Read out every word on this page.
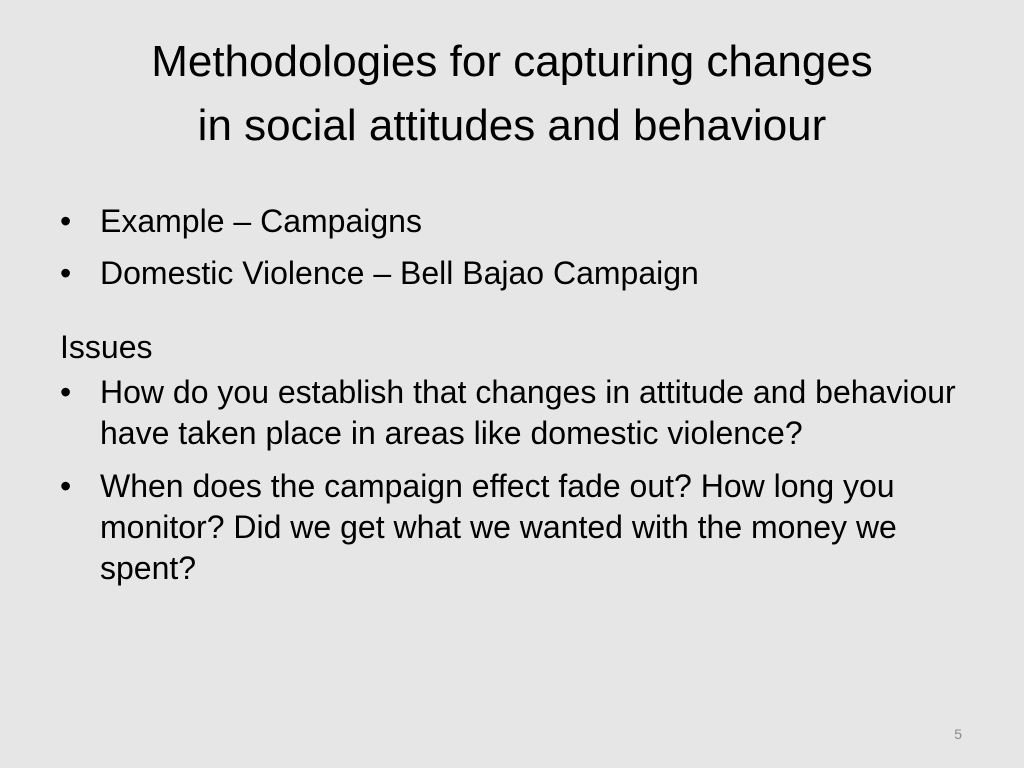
Methodologies for capturing changes
in social attitudes and behaviour
• Example – Campaigns
• Domestic Violence – Bell Bajao Campaign
Issues
• How do you establish that changes in attitude and behaviour have taken place in areas like domestic violence?
• When does the campaign effect fade out? How long you monitor? Did we get what we wanted with the money we spent?
5
